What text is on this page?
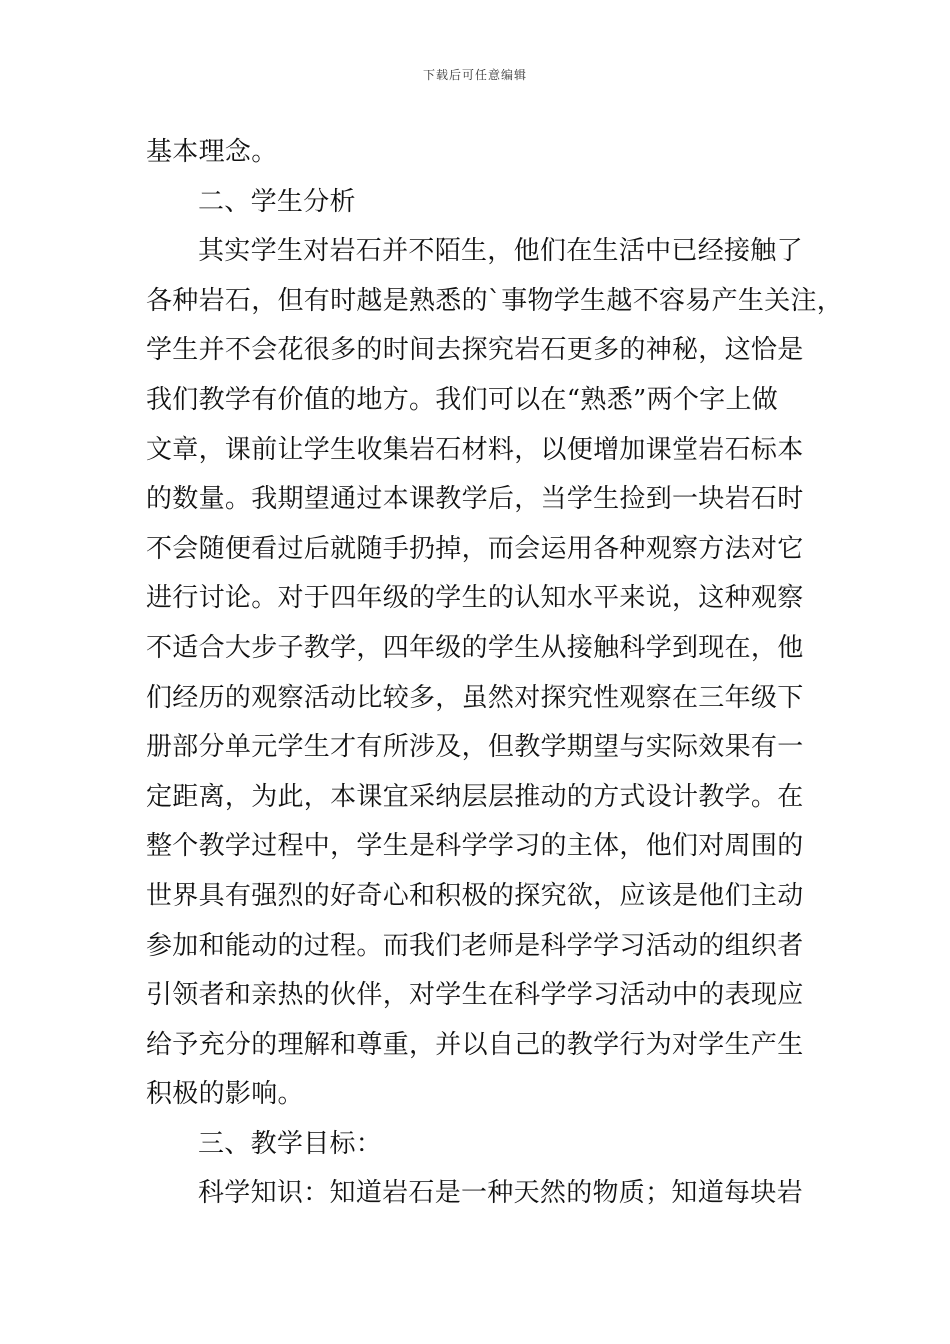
下载后可任意编辑
基本理念。
二、学生分析
其实学生对岩石并不陌生，他们在生活中已经接触了
各种岩石，但有时越是熟悉的`事物学生越不容易产生关注，
学生并不会花很多的时间去探究岩石更多的神秘，这恰是
我们教学有价值的地方。我们可以在“熟悉”两个字上做
文章，课前让学生收集岩石材料，以便增加课堂岩石标本
的数量。我期望通过本课教学后，当学生捡到一块岩石时
不会随便看过后就随手扔掉，而会运用各种观察方法对它
进行讨论。对于四年级的学生的认知水平来说，这种观察
不适合大步子教学，四年级的学生从接触科学到现在，他
们经历的观察活动比较多，虽然对探究性观察在三年级下
册部分单元学生才有所涉及，但教学期望与实际效果有一
定距离，为此，本课宜采纳层层推动的方式设计教学。在
整个教学过程中，学生是科学学习的主体，他们对周围的
世界具有强烈的好奇心和积极的探究欲，应该是他们主动
参加和能动的过程。而我们老师是科学学习活动的组织者
引领者和亲热的伙伴，对学生在科学学习活动中的表现应
给予充分的理解和尊重，并以自己的教学行为对学生产生
积极的影响。
三、教学目标：
科学知识：知道岩石是一种天然的物质；知道每块岩
